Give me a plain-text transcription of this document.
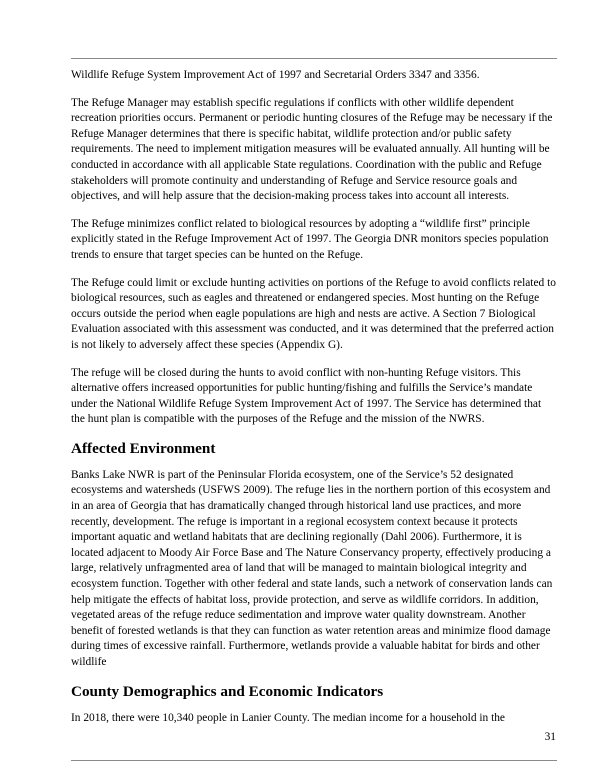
Wildlife Refuge System Improvement Act of 1997 and Secretarial Orders 3347 and 3356.

The Refuge Manager may establish specific regulations if conflicts with other wildlife dependent recreation priorities occurs. Permanent or periodic hunting closures of the Refuge may be necessary if the Refuge Manager determines that there is specific habitat, wildlife protection and/or public safety requirements. The need to implement mitigation measures will be evaluated annually. All hunting will be conducted in accordance with all applicable State regulations. Coordination with the public and Refuge stakeholders will promote continuity and understanding of Refuge and Service resource goals and objectives, and will help assure that the decision-making process takes into account all interests.

The Refuge minimizes conflict related to biological resources by adopting a “wildlife first” principle explicitly stated in the Refuge Improvement Act of 1997. The Georgia DNR monitors species population trends to ensure that target species can be hunted on the Refuge.

The Refuge could limit or exclude hunting activities on portions of the Refuge to avoid conflicts related to biological resources, such as eagles and threatened or endangered species. Most hunting on the Refuge occurs outside the period when eagle populations are high and nests are active. A Section 7 Biological Evaluation associated with this assessment was conducted, and it was determined that the preferred action is not likely to adversely affect these species (Appendix G).

The refuge will be closed during the hunts to avoid conflict with non-hunting Refuge visitors. This alternative offers increased opportunities for public hunting/fishing and fulfills the Service’s mandate under the National Wildlife Refuge System Improvement Act of 1997. The Service has determined that the hunt plan is compatible with the purposes of the Refuge and the mission of the NWRS.

Affected Environment

Banks Lake NWR is part of the Peninsular Florida ecosystem, one of the Service’s 52 designated ecosystems and watersheds (USFWS 2009). The refuge lies in the northern portion of this ecosystem and in an area of Georgia that has dramatically changed through historical land use practices, and more recently, development. The refuge is important in a regional ecosystem context because it protects important aquatic and wetland habitats that are declining regionally (Dahl 2006). Furthermore, it is located adjacent to Moody Air Force Base and The Nature Conservancy property, effectively producing a large, relatively unfragmented area of land that will be managed to maintain biological integrity and ecosystem function. Together with other federal and state lands, such a network of conservation lands can help mitigate the effects of habitat loss, provide protection, and serve as wildlife corridors. In addition, vegetated areas of the refuge reduce sedimentation and improve water quality downstream. Another benefit of forested wetlands is that they can function as water retention areas and minimize flood damage during times of excessive rainfall. Furthermore, wetlands provide a valuable habitat for birds and other wildlife

County Demographics and Economic Indicators

In 2018, there were 10,340 people in Lanier County. The median income for a household in the

31
